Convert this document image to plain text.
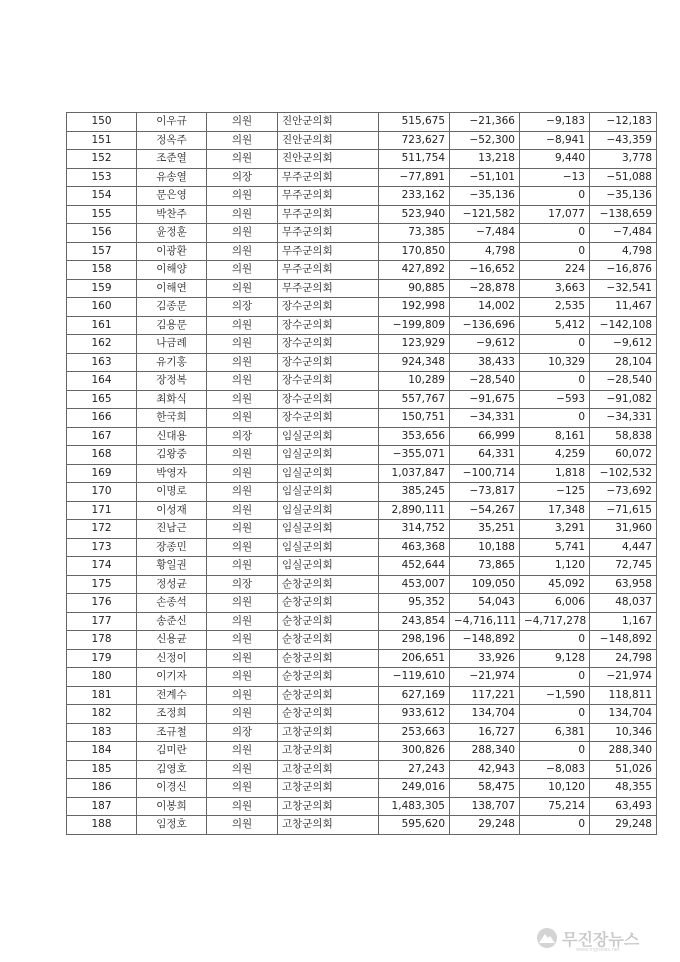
150	이우규	의원	진안군의회	515,675	−21,366	−9,183	−12,183
151	정옥주	의원	진안군의회	723,627	−52,300	−8,941	−43,359
152	조준열	의원	진안군의회	511,754	13,218	9,440	3,778
153	유송열	의장	무주군의회	−77,891	−51,101	−13	−51,088
154	문은영	의원	무주군의회	233,162	−35,136	0	−35,136
155	박찬주	의원	무주군의회	523,940	−121,582	17,077	−138,659
156	윤정훈	의원	무주군의회	73,385	−7,484	0	−7,484
157	이광환	의원	무주군의회	170,850	4,798	0	4,798
158	이해양	의원	무주군의회	427,892	−16,652	224	−16,876
159	이해연	의원	무주군의회	90,885	−28,878	3,663	−32,541
160	김종문	의장	장수군의회	192,998	14,002	2,535	11,467
161	김용문	의원	장수군의회	−199,809	−136,696	5,412	−142,108
162	나금례	의원	장수군의회	123,929	−9,612	0	−9,612
163	유기홍	의원	장수군의회	924,348	38,433	10,329	28,104
164	장정복	의원	장수군의회	10,289	−28,540	0	−28,540
165	최화식	의원	장수군의회	557,767	−91,675	−593	−91,082
166	한국희	의원	장수군의회	150,751	−34,331	0	−34,331
167	신대용	의장	임실군의회	353,656	66,999	8,161	58,838
168	김왕중	의원	임실군의회	−355,071	64,331	4,259	60,072
169	박영자	의원	임실군의회	1,037,847	−100,714	1,818	−102,532
170	이명로	의원	임실군의회	385,245	−73,817	−125	−73,692
171	이성재	의원	임실군의회	2,890,111	−54,267	17,348	−71,615
172	진남근	의원	임실군의회	314,752	35,251	3,291	31,960
173	장종민	의원	임실군의회	463,368	10,188	5,741	4,447
174	황일권	의원	임실군의회	452,644	73,865	1,120	72,745
175	정성균	의장	순창군의회	453,007	109,050	45,092	63,958
176	손종석	의원	순창군의회	95,352	54,043	6,006	48,037
177	송준신	의원	순창군의회	243,854	−4,716,111	−4,717,278	1,167
178	신용균	의원	순창군의회	298,196	−148,892	0	−148,892
179	신정이	의원	순창군의회	206,651	33,926	9,128	24,798
180	이기자	의원	순창군의회	−119,610	−21,974	0	−21,974
181	전계수	의원	순창군의회	627,169	117,221	−1,590	118,811
182	조정희	의원	순창군의회	933,612	134,704	0	134,704
183	조규철	의장	고창군의회	253,663	16,727	6,381	10,346
184	김미란	의원	고창군의회	300,826	288,340	0	288,340
185	김영호	의원	고창군의회	27,243	42,943	−8,083	51,026
186	이경신	의원	고창군의회	249,016	58,475	10,120	48,355
187	이봉희	의원	고창군의회	1,483,305	138,707	75,214	63,493
188	임정호	의원	고창군의회	595,620	29,248	0	29,248
무진장뉴스
www.mjjnews.net
